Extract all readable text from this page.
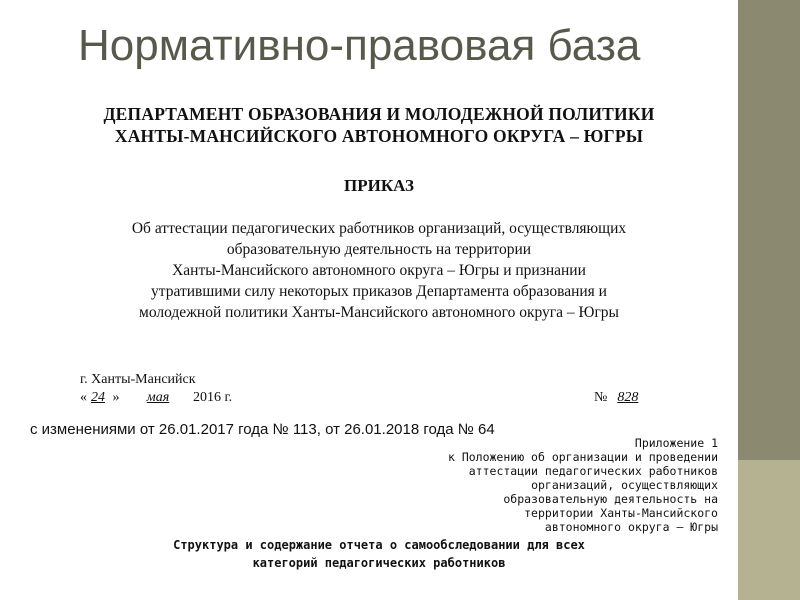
Нормативно-правовая база
ДЕПАРТАМЕНТ ОБРАЗОВАНИЯ И МОЛОДЕЖНОЙ ПОЛИТИКИ
ХАНТЫ-МАНСИЙСКОГО АВТОНОМНОГО ОКРУГА – ЮГРЫ
ПРИКАЗ
Об аттестации педагогических работников организаций, осуществляющих
образовательную деятельность на территории
Ханты-Мансийского автономного округа – Югры и признании
утратившими силу некоторых приказов Департамента образования и
молодежной политики Ханты-Мансийского автономного округа – Югры
г. Ханты-Мансийск
« 24 » мая 2016 г.	№ 828
Приложение 1
к Положению об организации и проведении
аттестации педагогических работников
организаций, осуществляющих
образовательную деятельность на
территории Ханты-Мансийского
автономного округа – Югры
Структура и содержание отчета о самообследовании для всех
категорий педагогических работников
с изменениями от 26.01.2017 года № 113, от 26.01.2018 года № 64
